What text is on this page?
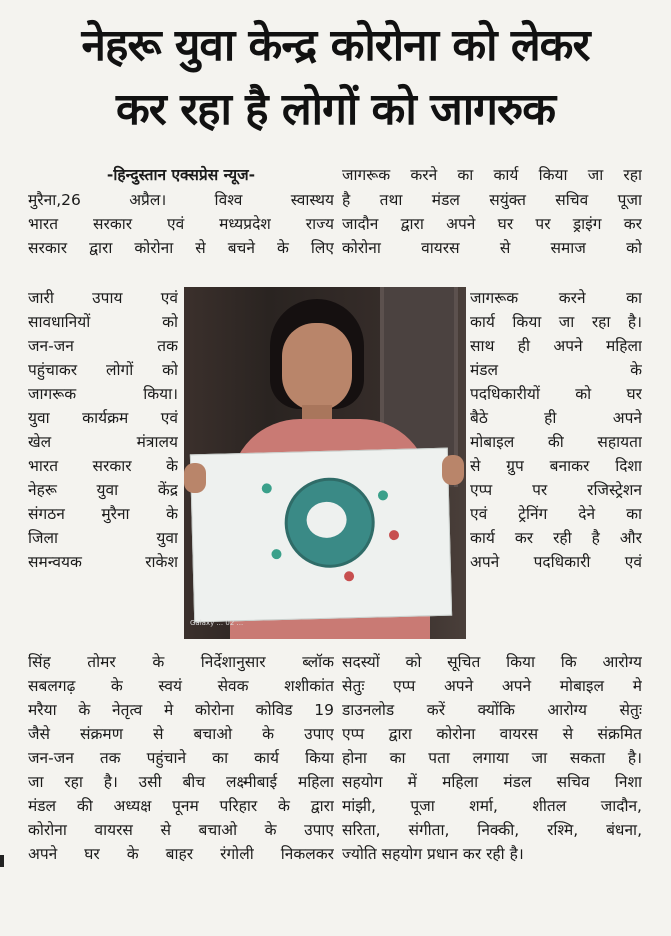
नेहरू युवा केन्द्र कोरोना को लेकर
कर रहा है लोगों को जागरुक
-हिन्दुस्तान एक्सप्रेस न्यूज-
मुरैना,26 अप्रैल। विश्व स्वास्थय
भारत सरकार एवं मध्यप्रदेश राज्य
सरकार द्वारा कोरोना से बचने के लिए
जारी उपाय एवं
सावधानियों को
जन-जन तक
पहुंचाकर लोगों को
जागरूक किया।
युवा कार्यक्रम एवं
खेल मंत्रालय
भारत सरकार के
नेहरू युवा केंद्र
संगठन मुरैना के
जिला युवा
समन्वयक राकेश
सिंह तोमर के निर्देशानुसार ब्लॉक
सबलगढ़ के स्वयं सेवक शशीकांत
मरैया के नेतृत्व मे कोरोना कोविड 19
जैसे संक्रमण से बचाओ के उपाए
जन-जन तक पहुंचाने का कार्य किया
जा रहा है। उसी बीच लक्ष्मीबाई महिला
मंडल की अध्यक्ष पूनम परिहार के द्वारा
कोरोना वायरस से बचाओ के उपाए
अपने घर के बाहर रंगोली निकलकर
जागरूक करने का कार्य किया जा रहा
है तथा मंडल सयुंक्त सचिव पूजा
जादौन द्वारा अपने घर पर ड्राइंग कर
कोरोना वायरस से समाज को
जागरूक करने का
कार्य किया जा रहा है।
साथ ही अपने महिला
मंडल के
पदधिकारीयों को घर
बैठे ही अपने
मोबाइल की सहायता
से ग्रुप बनाकर दिशा
एप्प पर रजिस्ट्रेशन
एवं ट्रेनिंग देने का
कार्य कर रही है और
अपने पदधिकारी एवं
सदस्यों को सूचित किया कि आरोग्य
सेतुः एप्प अपने अपने मोबाइल मे
डाउनलोड करें क्योंकि आरोग्य सेतुः
एप्प द्वारा कोरोना वायरस से संक्रमित
होना का पता लगाया जा सकता है।
सहयोग में महिला मंडल सचिव निशा
मांझी, पूजा शर्मा, शीतल जादौन,
सरिता, संगीता, निक्की, रश्मि, बंधना,
ज्योति सहयोग प्रधान कर रही है।
Galaxy ... 02 ...
